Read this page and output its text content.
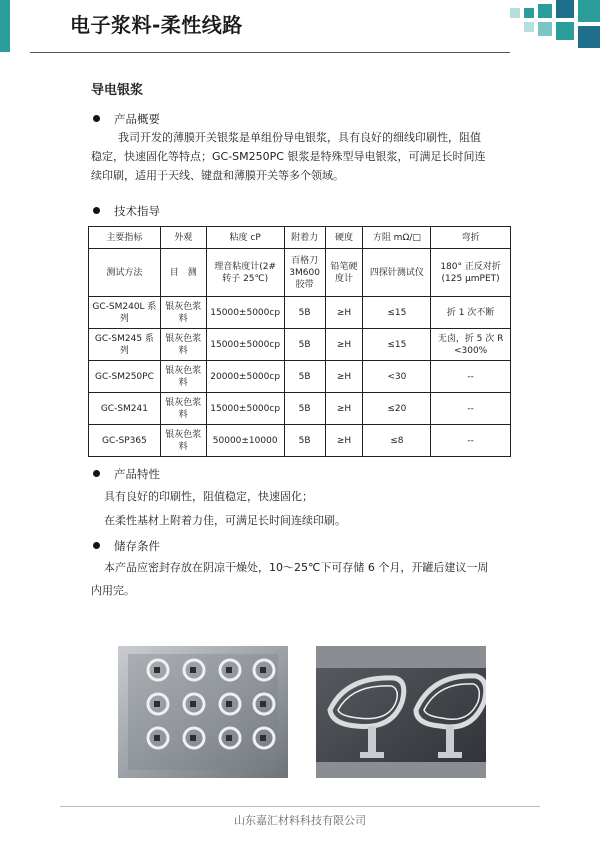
电子浆料-柔性线路
导电银浆
产品概要
我司开发的薄膜开关银浆是单组份导电银浆，具有良好的细线印刷性，阻值
稳定，快速固化等特点；GC-SM250PC 银浆是特殊型导电银浆，可满足长时间连
续印刷，适用于天线、键盘和薄膜开关等多个领域。
技术指导
主要指标	外观	粘度 cP	附着力	硬度	方阻 mΩ/□	弯折
测试方法	目　测	理音粘度计(2# 转子 25℃)	百格刀 3M600 胶带	铅笔硬度计	四探针测试仪	180° 正反对折 (125 μmPET)
GC-SM240L 系列	银灰色浆料	15000±5000cp	5B	≥H	≤15	折 1 次不断
GC-SM245 系列	银灰色浆料	15000±5000cp	5B	≥H	≤15	无卤，折 5 次 R <300%
GC-SM250PC	银灰色浆料	20000±5000cp	5B	≥H	<30	--
GC-SM241	银灰色浆料	15000±5000cp	5B	≥H	≤20	--
GC-SP365	银灰色浆料	50000±10000	5B	≥H	≤8	--
产品特性
具有良好的印刷性，阻值稳定，快速固化；
在柔性基材上附着力佳，可满足长时间连续印刷。
储存条件
本产品应密封存放在阴凉干燥处，10～25℃下可存储 6 个月，开罐后建议一周
内用完。
山东嘉汇材料科技有限公司
